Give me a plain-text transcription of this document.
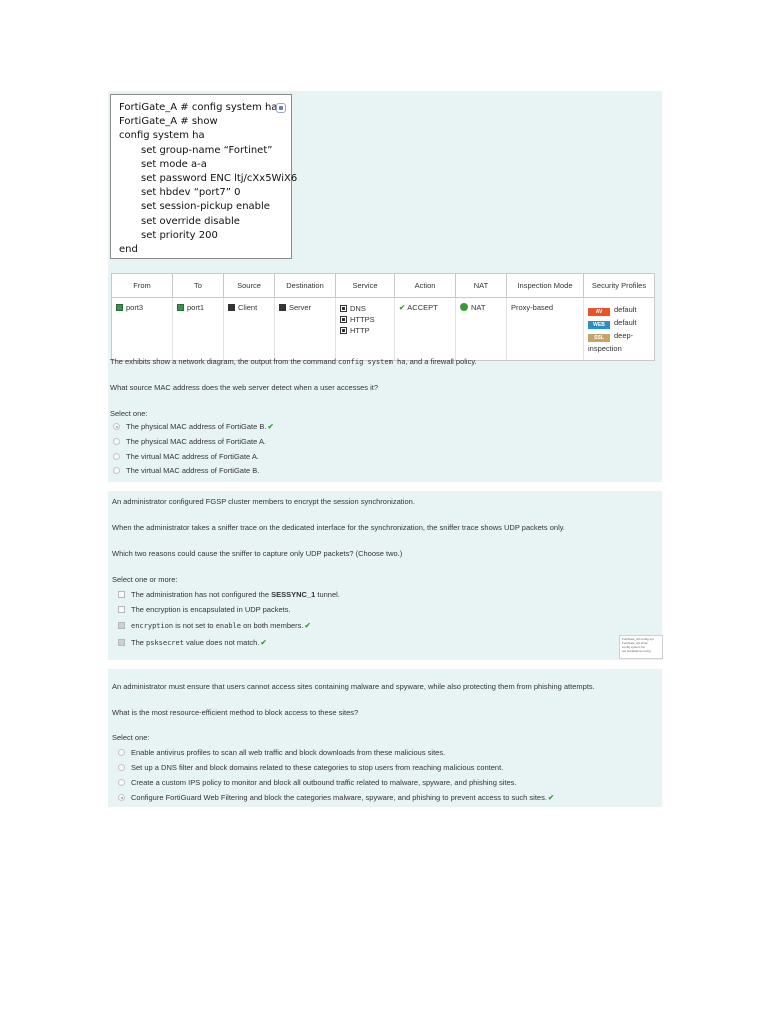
FortiGate_A # config system ha
FortiGate_A # show
config system ha
set group-name “Fortinet”
set mode a-a
set password ENC ltj/cXx5WiX6
set hbdev “port7” 0
set session-pickup enable
set override disable
set priority 200
end
From	To	Source	Destination	Service	Action	NAT	Inspection Mode	Security Profiles
port3	port1	Client	Server	DNS
HTTPS
HTTP	✔ ACCEPT	NAT	Proxy-based	AV default
WEB default
SSL deep-inspection
The exhibits show a network diagram, the output from the command config system ha, and a firewall policy.
What source MAC address does the web server detect when a user accesses it?
Select one:
The physical MAC address of FortiGate B.✔
The physical MAC address of FortiGate A.
The virtual MAC address of FortiGate A.
The virtual MAC address of FortiGate B.
An administrator configured FGSP cluster members to encrypt the session synchronization.
When the administrator takes a sniffer trace on the dedicated interface for the synchronization, the sniffer trace shows UDP packets only.
Which two reasons could cause the sniffer to capture only UDP packets? (Choose two.)
Select one or more:
The administration has not configured the SESSYNC_1 tunnel.
The encryption is encapsulated in UDP packets.
encryption is not set to enable on both members.✔
The psksecret value does not match.✔	FortiGate_A# config sys
FortiGate_A# show
config system ha
set standalone-config
An administrator must ensure that users cannot access sites containing malware and spyware, while also protecting them from phishing attempts.
What is the most resource-efficient method to block access to these sites?
Select one:
Enable antivirus profiles to scan all web traffic and block downloads from these malicious sites.
Set up a DNS filter and block domains related to these categories to stop users from reaching malicious content.
Create a custom IPS policy to monitor and block all outbound traffic related to malware, spyware, and phishing sites.
Configure FortiGuard Web Filtering and block the categories malware, spyware, and phishing to prevent access to such sites.✔
